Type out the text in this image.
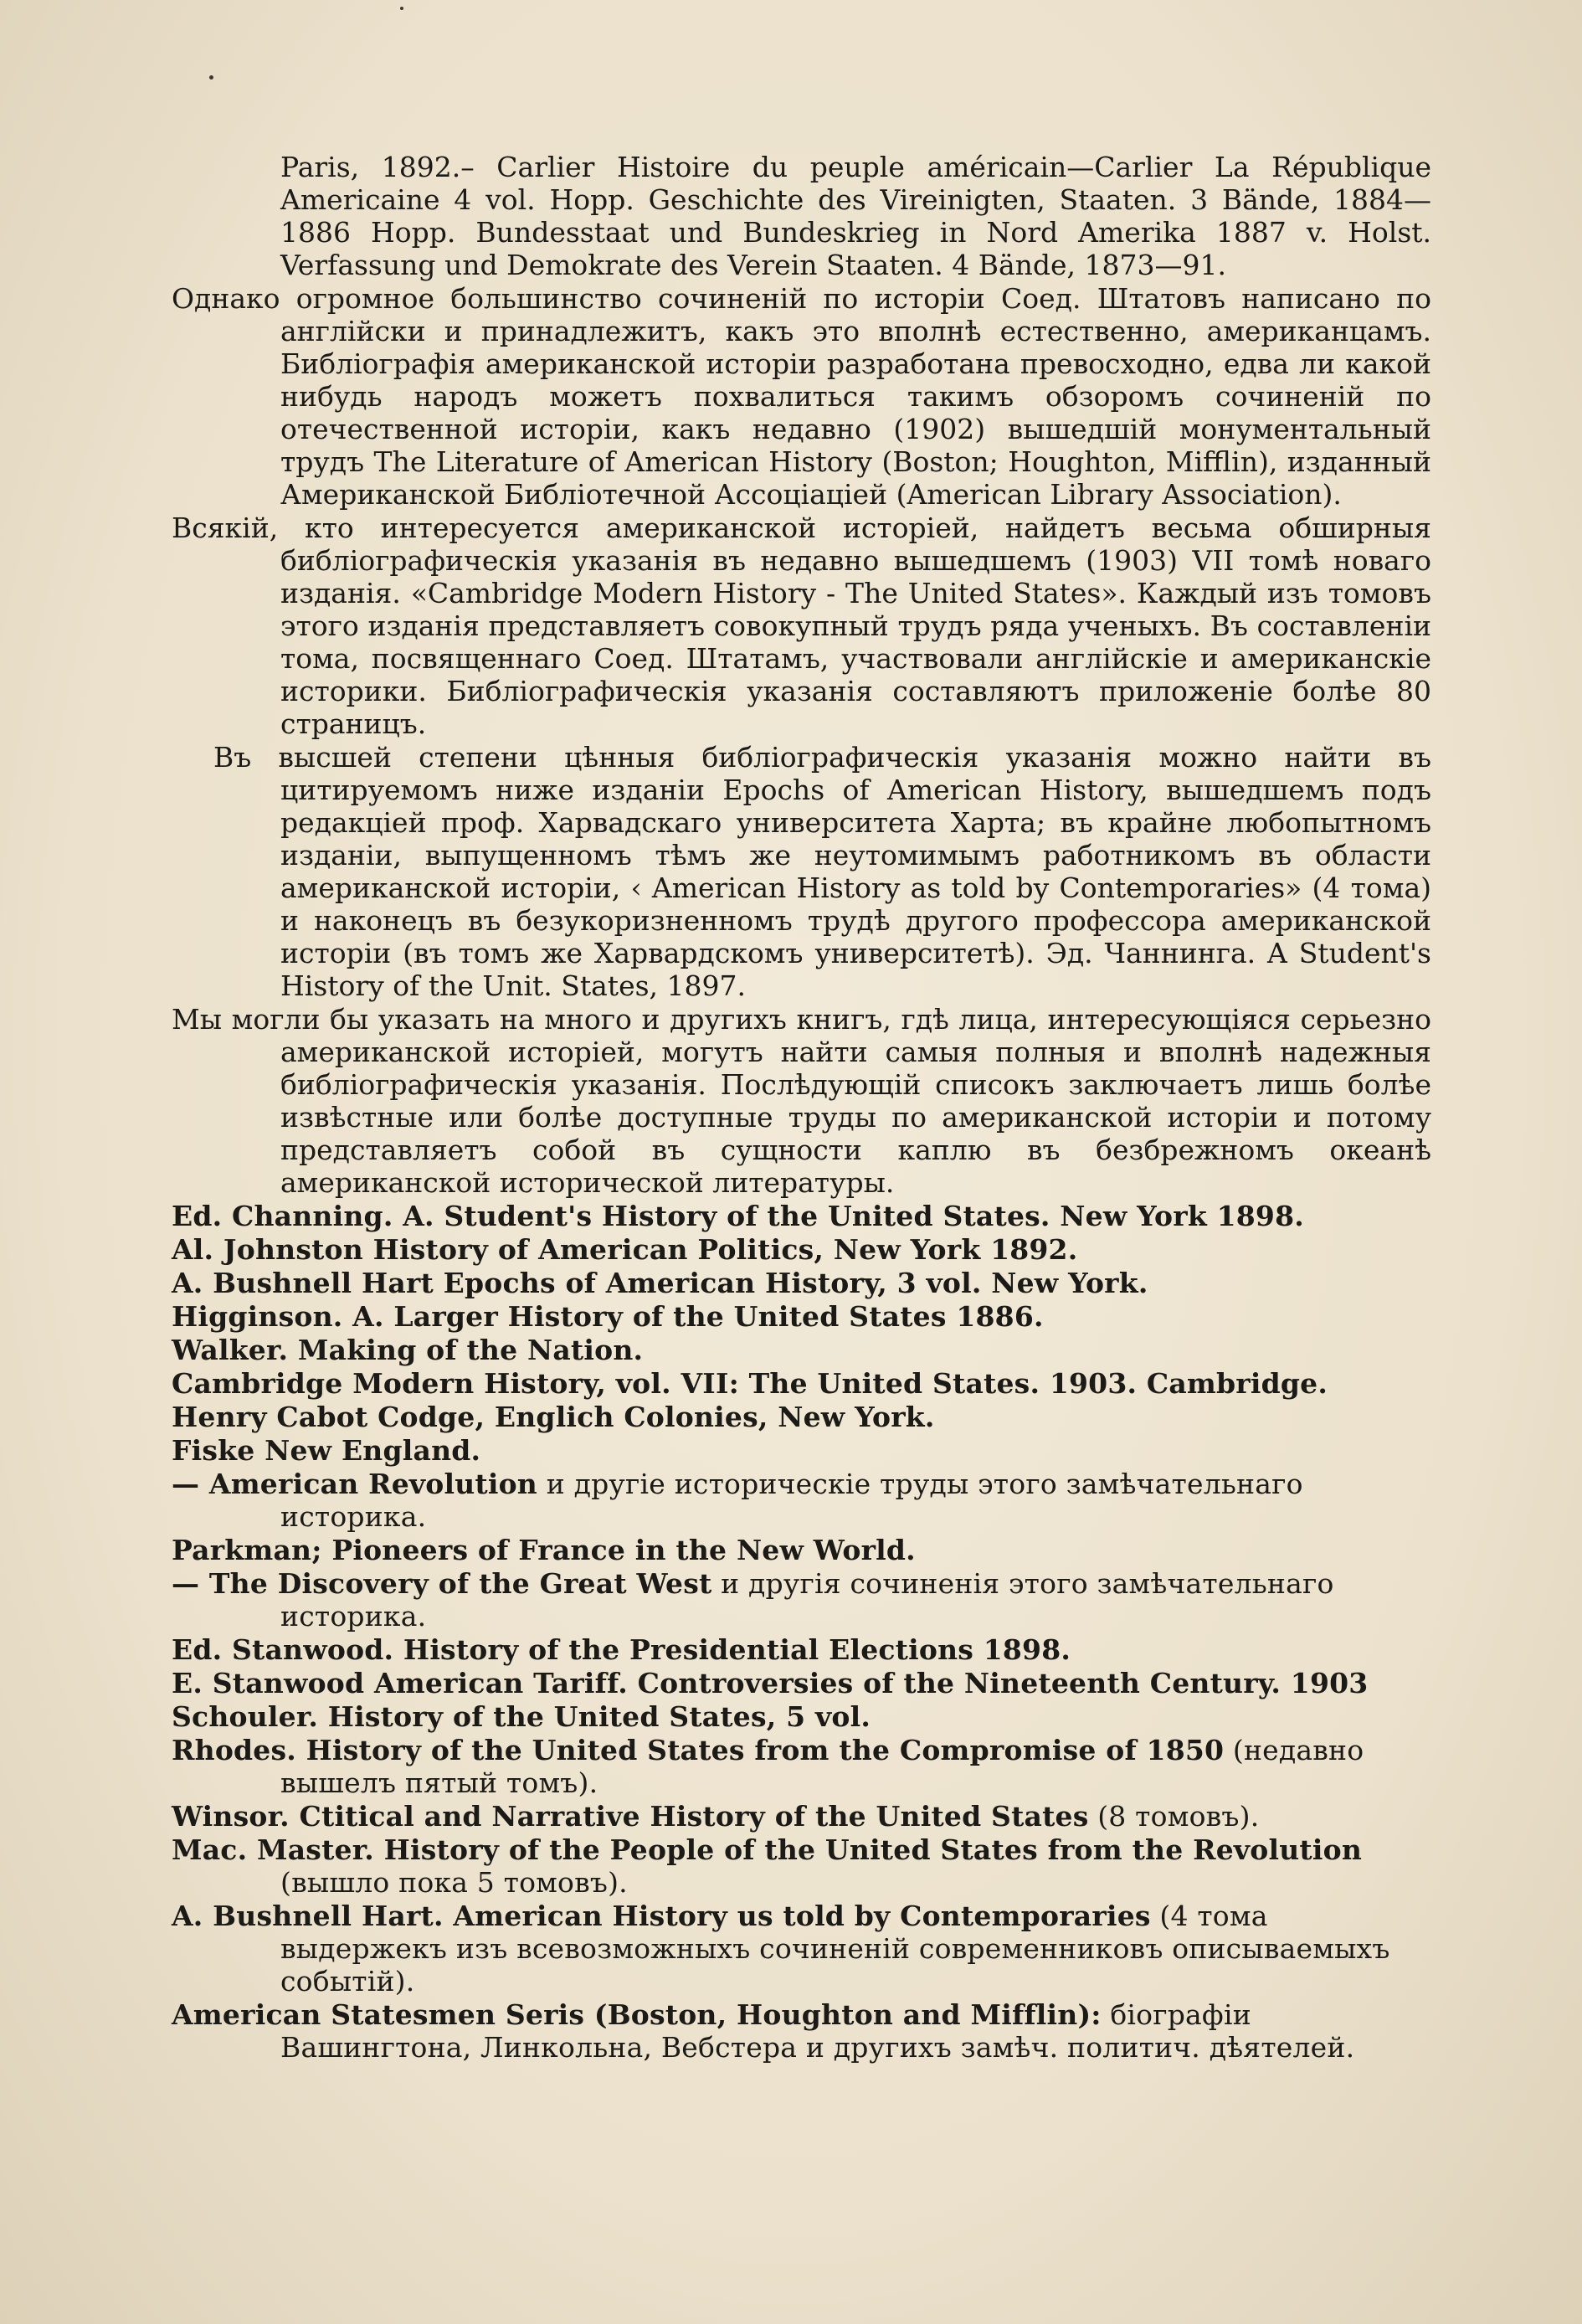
Paris, 1892.– Carlier Histoire du peuple américain—Carlier La République Americaine 4 vol. Hopp. Geschichte des Vireinigten, Staaten. 3 Bände, 1884—1886 Hopp. Bundesstaat und Bundeskrieg in Nord Amerika 1887 v. Holst. Verfassung und Demokrate des Verein Staaten. 4 Bände, 1873—91.

Однако огромное большинство сочиненій по исторіи Соед. Штатовъ написано по англійски и принадлежитъ, какъ это вполнѣ естественно, американцамъ. Библіографія американской исторіи разработана превосходно, едва ли какой нибудь народъ можетъ похвалиться такимъ обзоромъ сочиненій по отечественной исторіи, какъ недавно (1902) вышедшій монументальный трудъ The Literature of American History (Boston; Houghton, Mifflin), изданный Американской Библіотечной Ассоціаціей (American Library Association).

Всякій, кто интересуется американской исторіей, найдетъ весьма обширныя библіографическія указанія въ недавно вышедшемъ (1903) VII томѣ новаго изданія. «Cambridge Modern History - The United States». Каждый изъ томовъ этого изданія представляетъ совокупный трудъ ряда ученыхъ. Въ составленіи тома, посвященнаго Соед. Штатамъ, участвовали англійскіе и американскіе историки. Библіографическія указанія составляютъ приложеніе болѣе 80 страницъ.

Въ высшей степени цѣнныя библіографическія указанія можно найти въ цитируемомъ ниже изданіи Epochs of American History, вышедшемъ подъ редакціей проф. Харвадскаго университета Харта; въ крайне любопытномъ изданіи, выпущенномъ тѣмъ же неутомимымъ работникомъ въ области американской исторіи, ‹ American History as told by Contemporaries» (4 тома) и наконецъ въ безукоризненномъ трудѣ другого профессора американской исторіи (въ томъ же Харвардскомъ университетѣ). Эд. Чаннинга. A Student's History of the Unit. States, 1897.

Мы могли бы указать на много и другихъ книгъ, гдѣ лица, интересующіяся серьезно американской исторіей, могутъ найти самыя полныя и вполнѣ надежныя библіографическія указанія. Послѣдующій списокъ заключаетъ лишь болѣе извѣстные или болѣе доступные труды по американской исторіи и потому представляетъ собой въ сущности каплю въ безбрежномъ океанѣ американской исторической литературы.

Ed. Channing. A. Student's History of the United States. New York 1898.

Al. Johnston History of American Politics, New York 1892.

A. Bushnell Hart Epochs of American History, 3 vol. New York.

Higginson. A. Larger History of the United States 1886.

Walker. Making of the Nation.

Cambridge Modern History, vol. VII: The United States. 1903. Cambridge.

Henry Cabot Codge, Englich Colonies, New York.

Fiske New England.

— American Revolution и другіе историческіе труды этого замѣчательнаго историка.

Parkman; Pioneers of France in the New World.

— The Discovery of the Great West и другія сочиненія этого замѣчательнаго историка.

Ed. Stanwood. History of the Presidential Elections 1898.

E. Stanwood American Tariff. Controversies of the Nineteenth Century. 1903

Schouler. History of the United States, 5 vol.

Rhodes. History of the United States from the Compromise of 1850 (недавно вышелъ пятый томъ).

Winsor. Ctitical and Narrative History of the United States (8 томовъ).

Mac. Master. History of the People of the United States from the Revolution (вышло пока 5 томовъ).

A. Bushnell Hart. American History us told by Contemporaries (4 тома выдержекъ изъ всевозможныхъ сочиненій современниковъ описываемыхъ событій).

American Statesmen Seris (Boston, Houghton and Mifflin): біографіи Вашингтона, Линкольна, Вебстера и другихъ замѣч. политич. дѣятелей.
